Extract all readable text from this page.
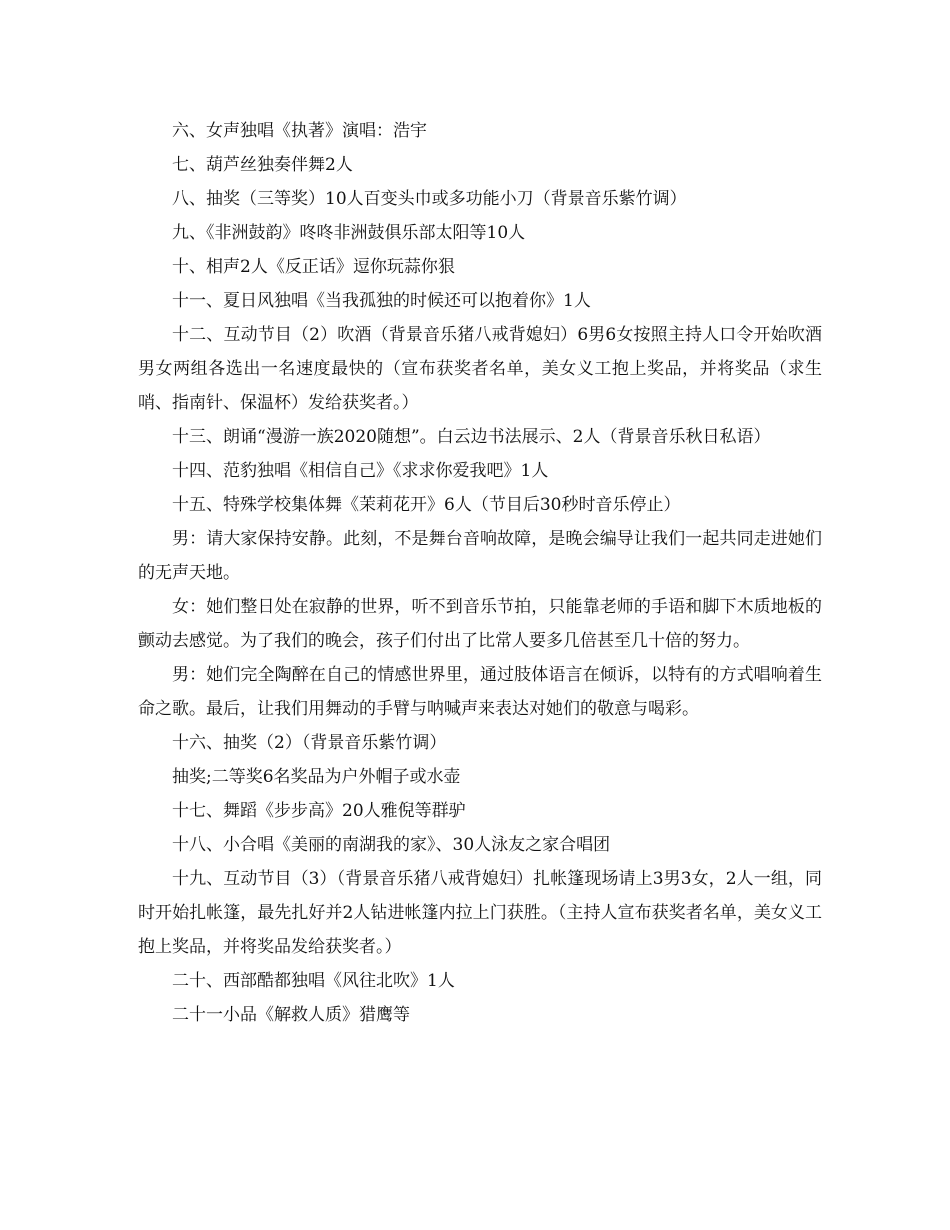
六、女声独唱《执著》演唱：浩宇

七、葫芦丝独奏伴舞2人

八、抽奖（三等奖）10人百变头巾或多功能小刀（背景音乐紫竹调）

九、《非洲鼓韵》咚咚非洲鼓俱乐部太阳等10人

十、相声2人《反正话》逗你玩蒜你狠

十一、夏日风独唱《当我孤独的时候还可以抱着你》1人

十二、互动节目（2）吹酒（背景音乐猪八戒背媳妇）6男6女按照主持人口令开始吹酒男女两组各选出一名速度最快的（宣布获奖者名单，美女义工抱上奖品，并将奖品（求生哨、指南针、保温杯）发给获奖者。）

十三、朗诵“漫游一族2020随想”。白云边书法展示、2人（背景音乐秋日私语）

十四、范豹独唱《相信自己》《求求你爱我吧》1人

十五、特殊学校集体舞《茉莉花开》6人（节目后30秒时音乐停止）

男：请大家保持安静。此刻，不是舞台音响故障，是晚会编导让我们一起共同走进她们的无声天地。

女：她们整日处在寂静的世界，听不到音乐节拍，只能靠老师的手语和脚下木质地板的颤动去感觉。为了我们的晚会，孩子们付出了比常人要多几倍甚至几十倍的努力。

男：她们完全陶醉在自己的情感世界里，通过肢体语言在倾诉，以特有的方式唱响着生命之歌。最后，让我们用舞动的手臂与呐喊声来表达对她们的敬意与喝彩。

十六、抽奖（2）（背景音乐紫竹调）

抽奖;二等奖6名奖品为户外帽子或水壶

十七、舞蹈《步步高》20人雅倪等群驴

十八、小合唱《美丽的南湖我的家》、30人泳友之家合唱团

十九、互动节目（3）（背景音乐猪八戒背媳妇）扎帐篷现场请上3男3女，2人一组，同时开始扎帐篷，最先扎好并2人钻进帐篷内拉上门获胜。（主持人宣布获奖者名单，美女义工抱上奖品，并将奖品发给获奖者。）

二十、西部酷都独唱《风往北吹》1人

二十一小品《解救人质》猎鹰等
